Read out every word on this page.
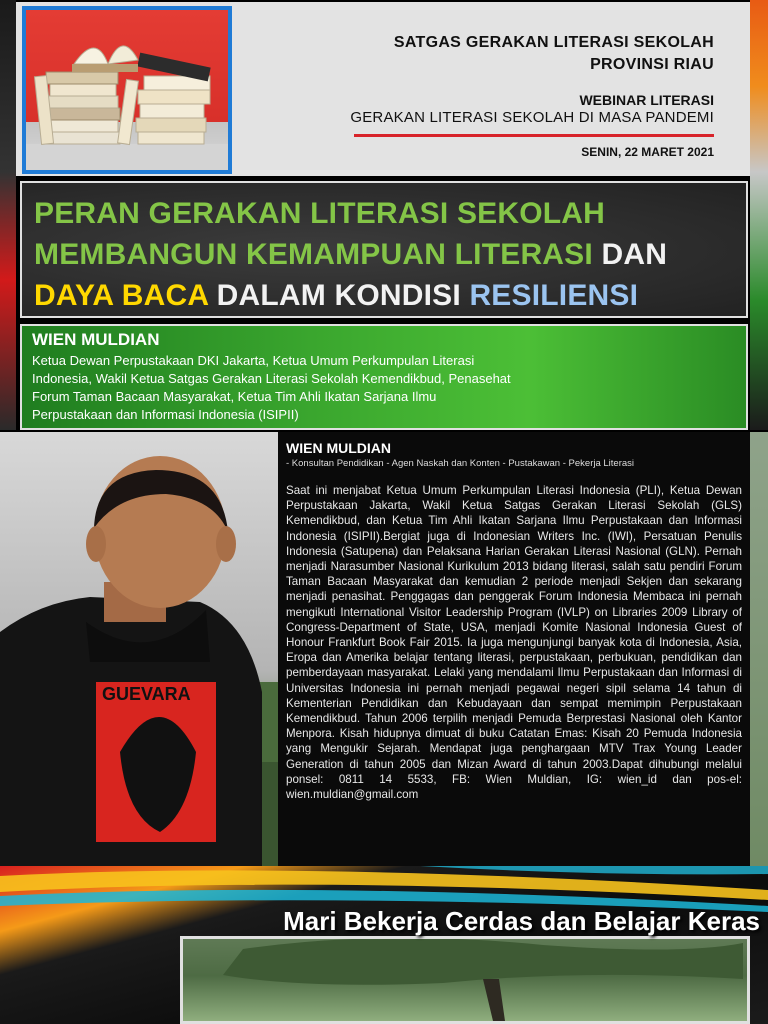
SATGAS GERAKAN LITERASI SEKOLAH
PROVINSI RIAU
WEBINAR LITERASI
GERAKAN LITERASI SEKOLAH DI MASA PANDEMI
SENIN, 22 MARET 2021
PERAN GERAKAN LITERASI SEKOLAH
MEMBANGUN KEMAMPUAN LITERASI DAN
DAYA BACA DALAM KONDISI RESILIENSI
WIEN MULDIAN
Ketua Dewan Perpustakaan DKI Jakarta, Ketua Umum Perkumpulan Literasi
Indonesia, Wakil Ketua Satgas Gerakan Literasi Sekolah Kemendikbud, Penasehat
Forum Taman Bacaan Masyarakat, Ketua Tim Ahli Ikatan Sarjana Ilmu
Perpustakaan dan Informasi Indonesia (ISIPII)
GUEVARA
WIEN MULDIAN
- Konsultan Pendidikan - Agen Naskah dan Konten - Pustakawan - Pekerja Literasi
Saat ini menjabat Ketua Umum Perkumpulan Literasi Indonesia (PLI), Ketua Dewan Perpustakaan Jakarta, Wakil Ketua Satgas Gerakan Literasi Sekolah (GLS) Kemendikbud, dan Ketua Tim Ahli Ikatan Sarjana Ilmu Perpustakaan dan Informasi Indonesia (ISIPII).Bergiat juga di Indonesian Writers Inc. (IWI), Persatuan Penulis Indonesia (Satupena) dan Pelaksana Harian Gerakan Literasi Nasional (GLN). Pernah menjadi Narasumber Nasional Kurikulum 2013 bidang literasi, salah satu pendiri Forum Taman Bacaan Masyarakat dan kemudian 2 periode menjadi Sekjen dan sekarang menjadi penasihat. Penggagas dan penggerak Forum Indonesia Membaca ini pernah mengikuti International Visitor Leadership Program (IVLP) on Libraries 2009 Library of Congress-Department of State, USA, menjadi Komite Nasional Indonesia Guest of Honour Frankfurt Book Fair 2015. Ia juga mengunjungi banyak kota di Indonesia, Asia, Eropa dan Amerika belajar tentang literasi, perpustakaan, perbukuan, pendidikan dan pemberdayaan masyarakat. Lelaki yang mendalami Ilmu Perpustakaan dan Informasi di Universitas Indonesia ini pernah menjadi pegawai negeri sipil selama 14 tahun di Kementerian Pendidikan dan Kebudayaan dan sempat memimpin Perpustakaan Kemendikbud. Tahun 2006 terpilih menjadi Pemuda Berprestasi Nasional oleh Kantor Menpora. Kisah hidupnya dimuat di buku Catatan Emas: Kisah 20 Pemuda Indonesia yang Mengukir Sejarah. Mendapat juga penghargaan MTV Trax Young Leader Generation di tahun 2005 dan Mizan Award di tahun 2003.Dapat dihubungi melalui ponsel: 0811 14 5533, FB: Wien Muldian, IG: wien_id dan pos-el: wien.muldian@gmail.com
Mari Bekerja Cerdas dan Belajar Keras
